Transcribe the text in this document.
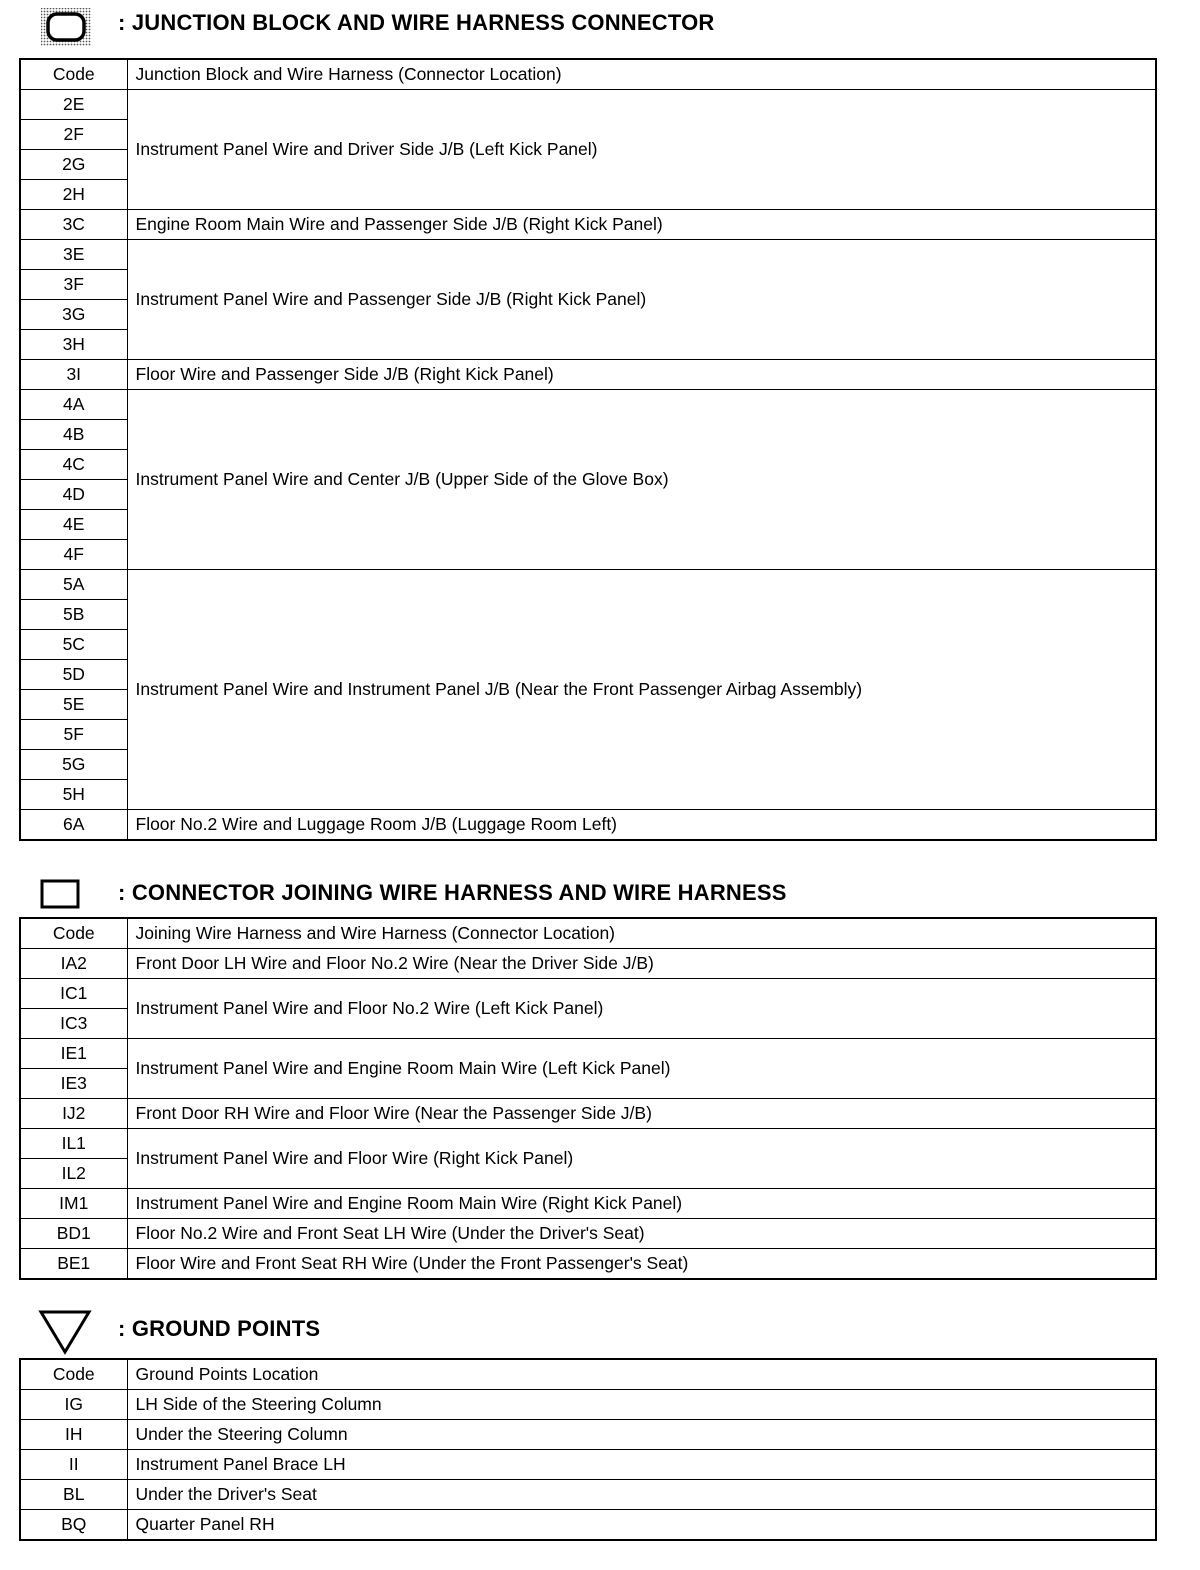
: JUNCTION BLOCK AND WIRE HARNESS CONNECTOR
Code	Junction Block and Wire Harness (Connector Location)
2E	Instrument Panel Wire and Driver Side J/B (Left Kick Panel)
2F	
2G	
2H	
3C	Engine Room Main Wire and Passenger Side J/B (Right Kick Panel)
3E	Instrument Panel Wire and Passenger Side J/B (Right Kick Panel)
3F	
3G	
3H	
3I	Floor Wire and Passenger Side J/B (Right Kick Panel)
4A	Instrument Panel Wire and Center J/B (Upper Side of the Glove Box)
4B	
4C	
4D	
4E	
4F	
5A	Instrument Panel Wire and Instrument Panel J/B (Near the Front Passenger Airbag Assembly)
5B	
5C	
5D	
5E	
5F	
5G	
5H	
6A	Floor No.2 Wire and Luggage Room J/B (Luggage Room Left)
: CONNECTOR JOINING WIRE HARNESS AND WIRE HARNESS
Code	Joining Wire Harness and Wire Harness (Connector Location)
IA2	Front Door LH Wire and Floor No.2 Wire (Near the Driver Side J/B)
IC1	Instrument Panel Wire and Floor No.2 Wire (Left Kick Panel)
IC3	
IE1	Instrument Panel Wire and Engine Room Main Wire (Left Kick Panel)
IE3	
IJ2	Front Door RH Wire and Floor Wire (Near the Passenger Side J/B)
IL1	Instrument Panel Wire and Floor Wire (Right Kick Panel)
IL2	
IM1	Instrument Panel Wire and Engine Room Main Wire (Right Kick Panel)
BD1	Floor No.2 Wire and Front Seat LH Wire (Under the Driver's Seat)
BE1	Floor Wire and Front Seat RH Wire (Under the Front Passenger's Seat)
: GROUND POINTS
Code	Ground Points Location
IG	LH Side of the Steering Column
IH	Under the Steering Column
II	Instrument Panel Brace LH
BL	Under the Driver's Seat
BQ	Quarter Panel RH
